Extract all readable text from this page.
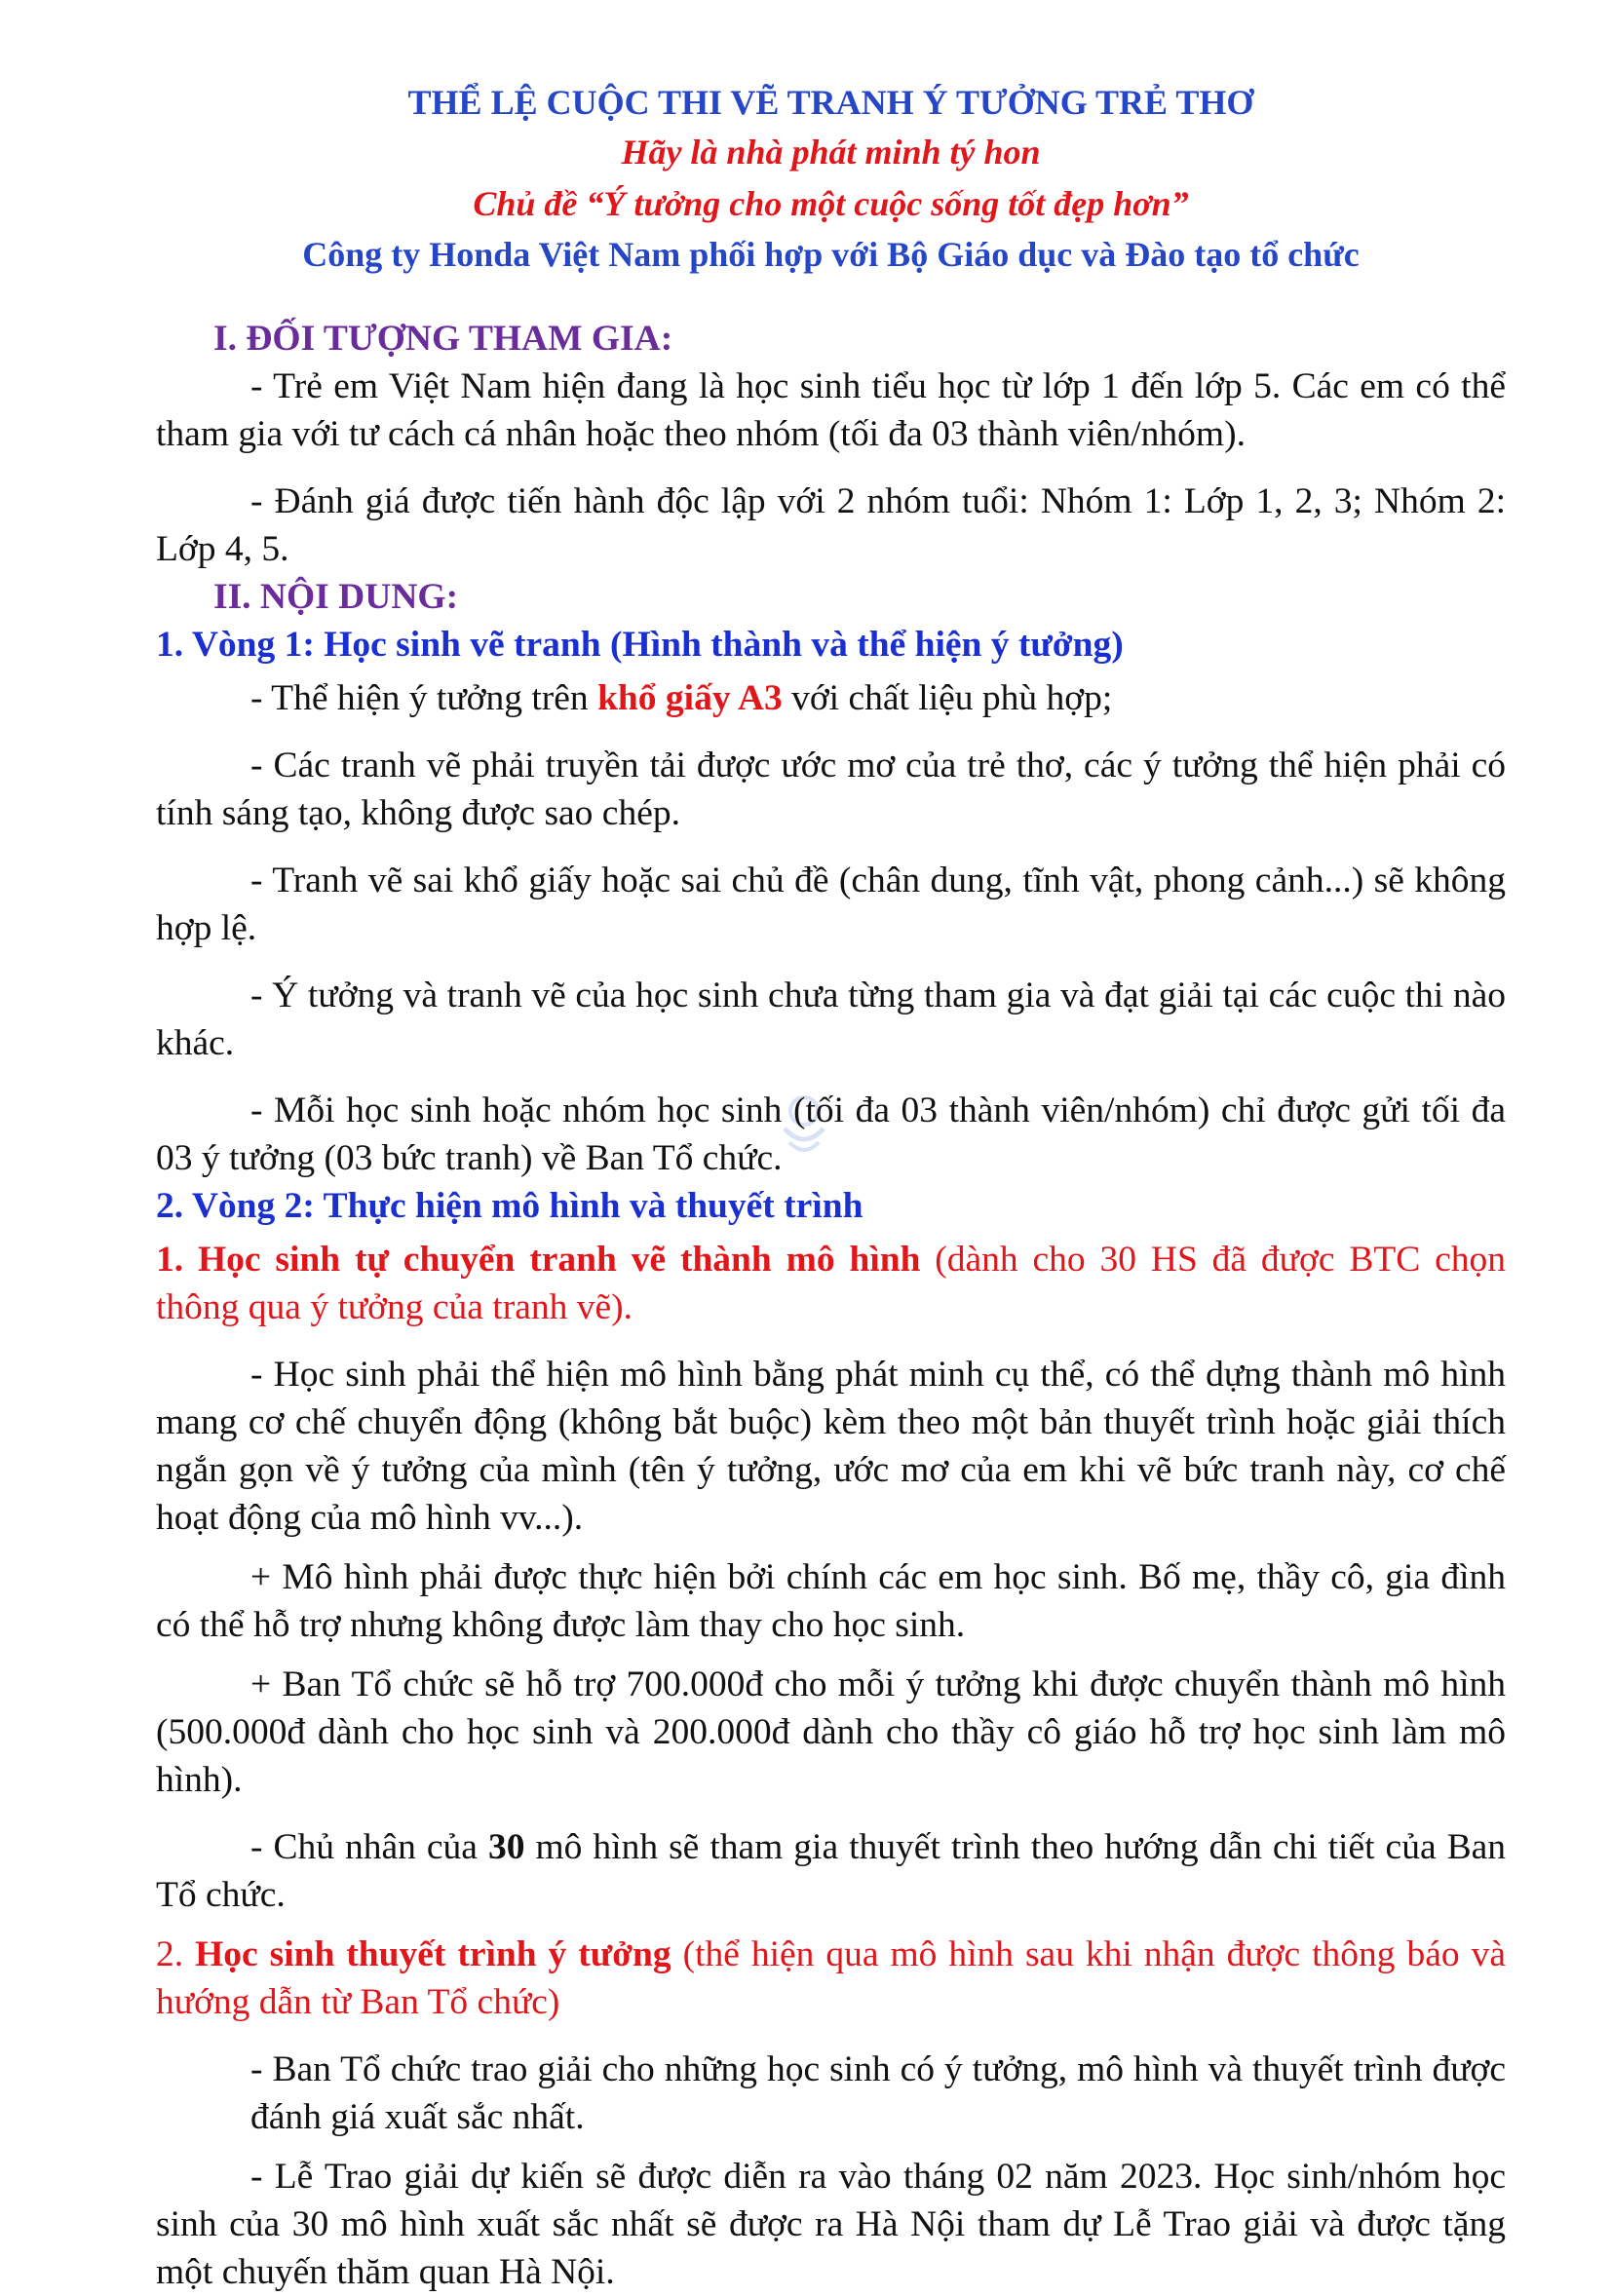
THỂ LỆ CUỘC THI VẼ TRANH Ý TƯỞNG TRẺ THƠ
Hãy là nhà phát minh tý hon
Chủ đề “Ý tưởng cho một cuộc sống tốt đẹp hơn”
Công ty Honda Việt Nam phối hợp với Bộ Giáo dục và Đào tạo tổ chức
I. ĐỐI TƯỢNG THAM GIA:
- Trẻ em Việt Nam hiện đang là học sinh tiểu học từ lớp 1 đến lớp 5. Các em có thể tham gia với tư cách cá nhân hoặc theo nhóm (tối đa 03 thành viên/nhóm).
- Đánh giá được tiến hành độc lập với 2 nhóm tuổi: Nhóm 1: Lớp 1, 2, 3; Nhóm 2: Lớp 4, 5.
II. NỘI DUNG:
1. Vòng 1: Học sinh vẽ tranh (Hình thành và thể hiện ý tưởng)
- Thể hiện ý tưởng trên khổ giấy A3 với chất liệu phù hợp;
- Các tranh vẽ phải truyền tải được ước mơ của trẻ thơ, các ý tưởng thể hiện phải có tính sáng tạo, không được sao chép.
- Tranh vẽ sai khổ giấy hoặc sai chủ đề (chân dung, tĩnh vật, phong cảnh...) sẽ không hợp lệ.
- Ý tưởng và tranh vẽ của học sinh chưa từng tham gia và đạt giải tại các cuộc thi nào khác.
- Mỗi học sinh hoặc nhóm học sinh (tối đa 03 thành viên/nhóm) chỉ được gửi tối đa 03 ý tưởng (03 bức tranh) về Ban Tổ chức.
2. Vòng 2: Thực hiện mô hình và thuyết trình
1. Học sinh tự chuyển tranh vẽ thành mô hình (dành cho 30 HS đã được BTC chọn thông qua ý tưởng của tranh vẽ).
- Học sinh phải thể hiện mô hình bằng phát minh cụ thể, có thể dựng thành mô hình mang cơ chế chuyển động (không bắt buộc) kèm theo một bản thuyết trình hoặc giải thích ngắn gọn về ý tưởng của mình (tên ý tưởng, ước mơ của em khi vẽ bức tranh này, cơ chế hoạt động của mô hình vv...).
+ Mô hình phải được thực hiện bởi chính các em học sinh. Bố mẹ, thầy cô, gia đình có thể hỗ trợ nhưng không được làm thay cho học sinh.
+ Ban Tổ chức sẽ hỗ trợ 700.000đ cho mỗi ý tưởng khi được chuyển thành mô hình (500.000đ dành cho học sinh và 200.000đ dành cho thầy cô giáo hỗ trợ học sinh làm mô hình).
- Chủ nhân của 30 mô hình sẽ tham gia thuyết trình theo hướng dẫn chi tiết của Ban Tổ chức.
2. Học sinh thuyết trình ý tưởng (thể hiện qua mô hình sau khi nhận được thông báo và hướng dẫn từ Ban Tổ chức)
- Ban Tổ chức trao giải cho những học sinh có ý tưởng, mô hình và thuyết trình được đánh giá xuất sắc nhất.
- Lễ Trao giải dự kiến sẽ được diễn ra vào tháng 02 năm 2023. Học sinh/nhóm học sinh của 30 mô hình xuất sắc nhất sẽ được ra Hà Nội tham dự Lễ Trao giải và được tặng một chuyến thăm quan Hà Nội.
